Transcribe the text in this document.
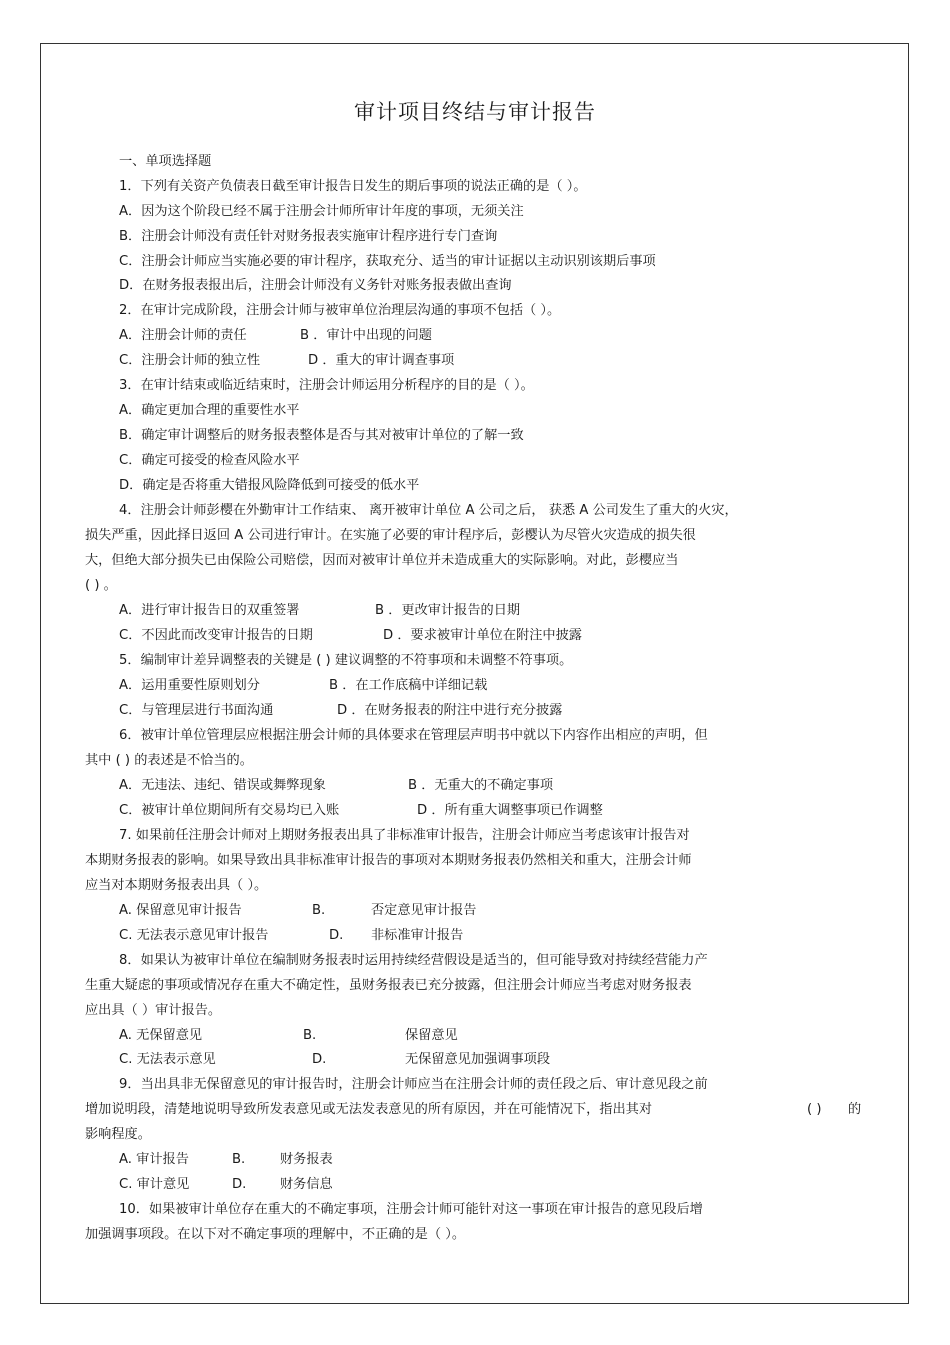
审计项目终结与审计报告
一、单项选择题
1．下列有关资产负债表日截至审计报告日发生的期后事项的说法正确的是（ ）。
A．因为这个阶段已经不属于注册会计师所审计年度的事项，无须关注
B．注册会计师没有责任针对财务报表实施审计程序进行专门查询
C．注册会计师应当实施必要的审计程序，获取充分、适当的审计证据以主动识别该期后事项
D．在财务报表报出后，注册会计师没有义务针对账务报表做出查询
2．在审计完成阶段，注册会计师与被审单位治理层沟通的事项不包括（ ）。
A．注册会计师的责任	B ．审计中出现的问题
C．注册会计师的独立性	D ．重大的审计调查事项
3．在审计结束或临近结束时，注册会计师运用分析程序的目的是（ ）。
A．确定更加合理的重要性水平
B．确定审计调整后的财务报表整体是否与其对被审计单位的了解一致
C．确定可接受的检查风险水平
D．确定是否将重大错报风险降低到可接受的低水平
4．注册会计师彭樱在外勤审计工作结束、 离开被审计单位 A 公司之后， 获悉 A 公司发生了重大的火灾，
损失严重，因此择日返回 A 公司进行审计。在实施了必要的审计程序后，彭樱认为尽管火灾造成的损失很
大，但绝大部分损失已由保险公司赔偿，因而对被审计单位并未造成重大的实际影响。对此，彭樱应当
( ) 。
A．进行审计报告日的双重签署	B ．更改审计报告的日期
C．不因此而改变审计报告的日期	D ．要求被审计单位在附注中披露
5．编制审计差异调整表的关键是 ( ) 建议调整的不符事项和未调整不符事项。
A．运用重要性原则划分	B ．在工作底稿中详细记载
C．与管理层进行书面沟通	D ．在财务报表的附注中进行充分披露
6．被审计单位管理层应根据注册会计师的具体要求在管理层声明书中就以下内容作出相应的声明，但
其中 ( ) 的表述是不恰当的。
A．无违法、违纪、错误或舞弊现象	B ．无重大的不确定事项
C．被审计单位期间所有交易均已入账	D ．所有重大调整事项已作调整
7. 如果前任注册会计师对上期财务报表出具了非标准审计报告，注册会计师应当考虑该审计报告对
本期财务报表的影响。如果导致出具非标准审计报告的事项对本期财务报表仍然相关和重大，注册会计师
应当对本期财务报表出具（ ）。
A. 保留意见审计报告	B.	否定意见审计报告
C. 无法表示意见审计报告	D. 非标准审计报告
8．如果认为被审计单位在编制财务报表时运用持续经营假设是适当的，但可能导致对持续经营能力产
生重大疑虑的事项或情况存在重大不确定性，虽财务报表已充分披露，但注册会计师应当考虑对财务报表
应出具（ ）审计报告。
A. 无保留意见	B.	保留意见
C. 无法表示意见	D.	无保留意见加强调事项段
9．当出具非无保留意见的审计报告时，注册会计师应当在注册会计师的责任段之后、审计意见段之前
增加说明段，清楚地说明导致所发表意见或无法发表意见的所有原因，并在可能情况下，指出其对	( ) 的
影响程度。
A. 审计报告	B.	财务报表
C. 审计意见	D.	财务信息
10．如果被审计单位存在重大的不确定事项，注册会计师可能针对这一事项在审计报告的意见段后增
加强调事项段。在以下对不确定事项的理解中，不正确的是（ ）。
